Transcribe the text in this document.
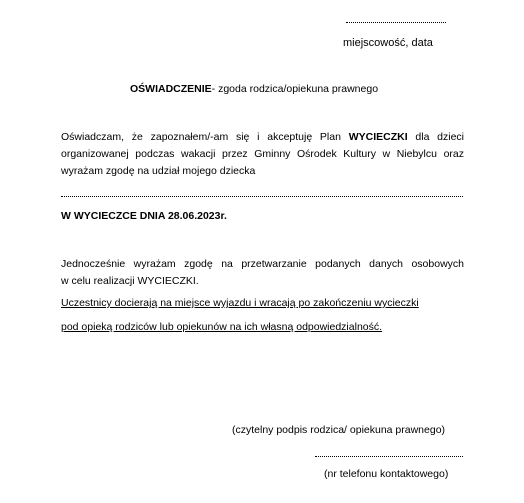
miejscowość, data
OŚWIADCZENIE- zgoda rodzica/opiekuna prawnego
Oświadczam, że zapoznałem/-am się i akceptuję Plan WYCIECZKI dla dzieci
organizowanej podczas wakacji przez Gminny Ośrodek Kultury w Niebylcu oraz
wyrażam zgodę na udział mojego dziecka
W WYCIECZCE DNIA 28.06.2023r.
Jednocześnie wyrażam zgodę na przetwarzanie podanych danych osobowych
w celu realizacji WYCIECZKI.
Uczestnicy docierają na miejsce wyjazdu i wracają po zakończeniu wycieczki
pod opieką rodziców lub opiekunów na ich własną odpowiedzialność.
(czytelny podpis rodzica/ opiekuna prawnego)
(nr telefonu kontaktowego)
